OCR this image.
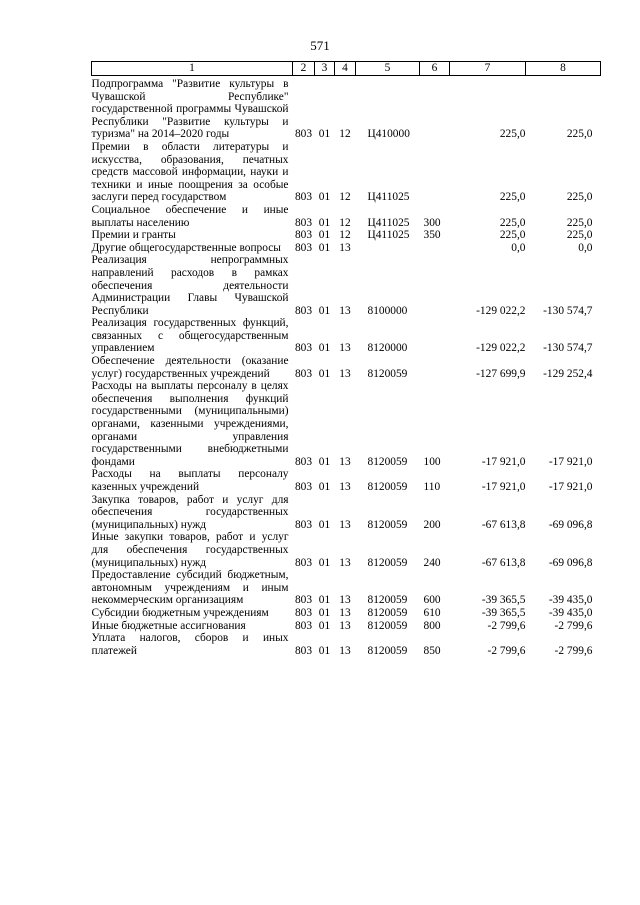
571
1	2	3	4	5	6	7	8
Подпрограмма "Развитие культуры в Чувашской Республике" государственной программы Чувашской Республики "Развитие культуры и туризма" на 2014–2020 годы	803	01	12	Ц410000		225,0	225,0
Премии в области литературы и искусства, образования, печатных средств массовой информации, науки и техники и иные поощрения за особые заслуги перед государством	803	01	12	Ц411025		225,0	225,0
Социальное обеспечение и иные выплаты населению	803	01	12	Ц411025	300	225,0	225,0
Премии и гранты	803	01	12	Ц411025	350	225,0	225,0
Другие общегосударственные вопросы	803	01	13			0,0	0,0
Реализация непрограммных направлений расходов в рамках обеспечения деятельности Администрации Главы Чувашской Республики	803	01	13	8100000		-129 022,2	-130 574,7
Реализация государственных функций, связанных с общегосударственным управлением	803	01	13	8120000		-129 022,2	-130 574,7
Обеспечение деятельности (оказание услуг) государственных учреждений	803	01	13	8120059		-127 699,9	-129 252,4
Расходы на выплаты персоналу в целях обеспечения выполнения функций государственными (муниципальными) органами, казенными учреждениями, органами управления государственными внебюджетными фондами	803	01	13	8120059	100	-17 921,0	-17 921,0
Расходы на выплаты персоналу казенных учреждений	803	01	13	8120059	110	-17 921,0	-17 921,0
Закупка товаров, работ и услуг для обеспечения государственных (муниципальных) нужд	803	01	13	8120059	200	-67 613,8	-69 096,8
Иные закупки товаров, работ и услуг для обеспечения государственных (муниципальных) нужд	803	01	13	8120059	240	-67 613,8	-69 096,8
Предоставление субсидий бюджетным, автономным учреждениям и иным некоммерческим организациям	803	01	13	8120059	600	-39 365,5	-39 435,0
Субсидии бюджетным учреждениям	803	01	13	8120059	610	-39 365,5	-39 435,0
Иные бюджетные ассигнования	803	01	13	8120059	800	-2 799,6	-2 799,6
Уплата налогов, сборов и иных платежей	803	01	13	8120059	850	-2 799,6	-2 799,6
